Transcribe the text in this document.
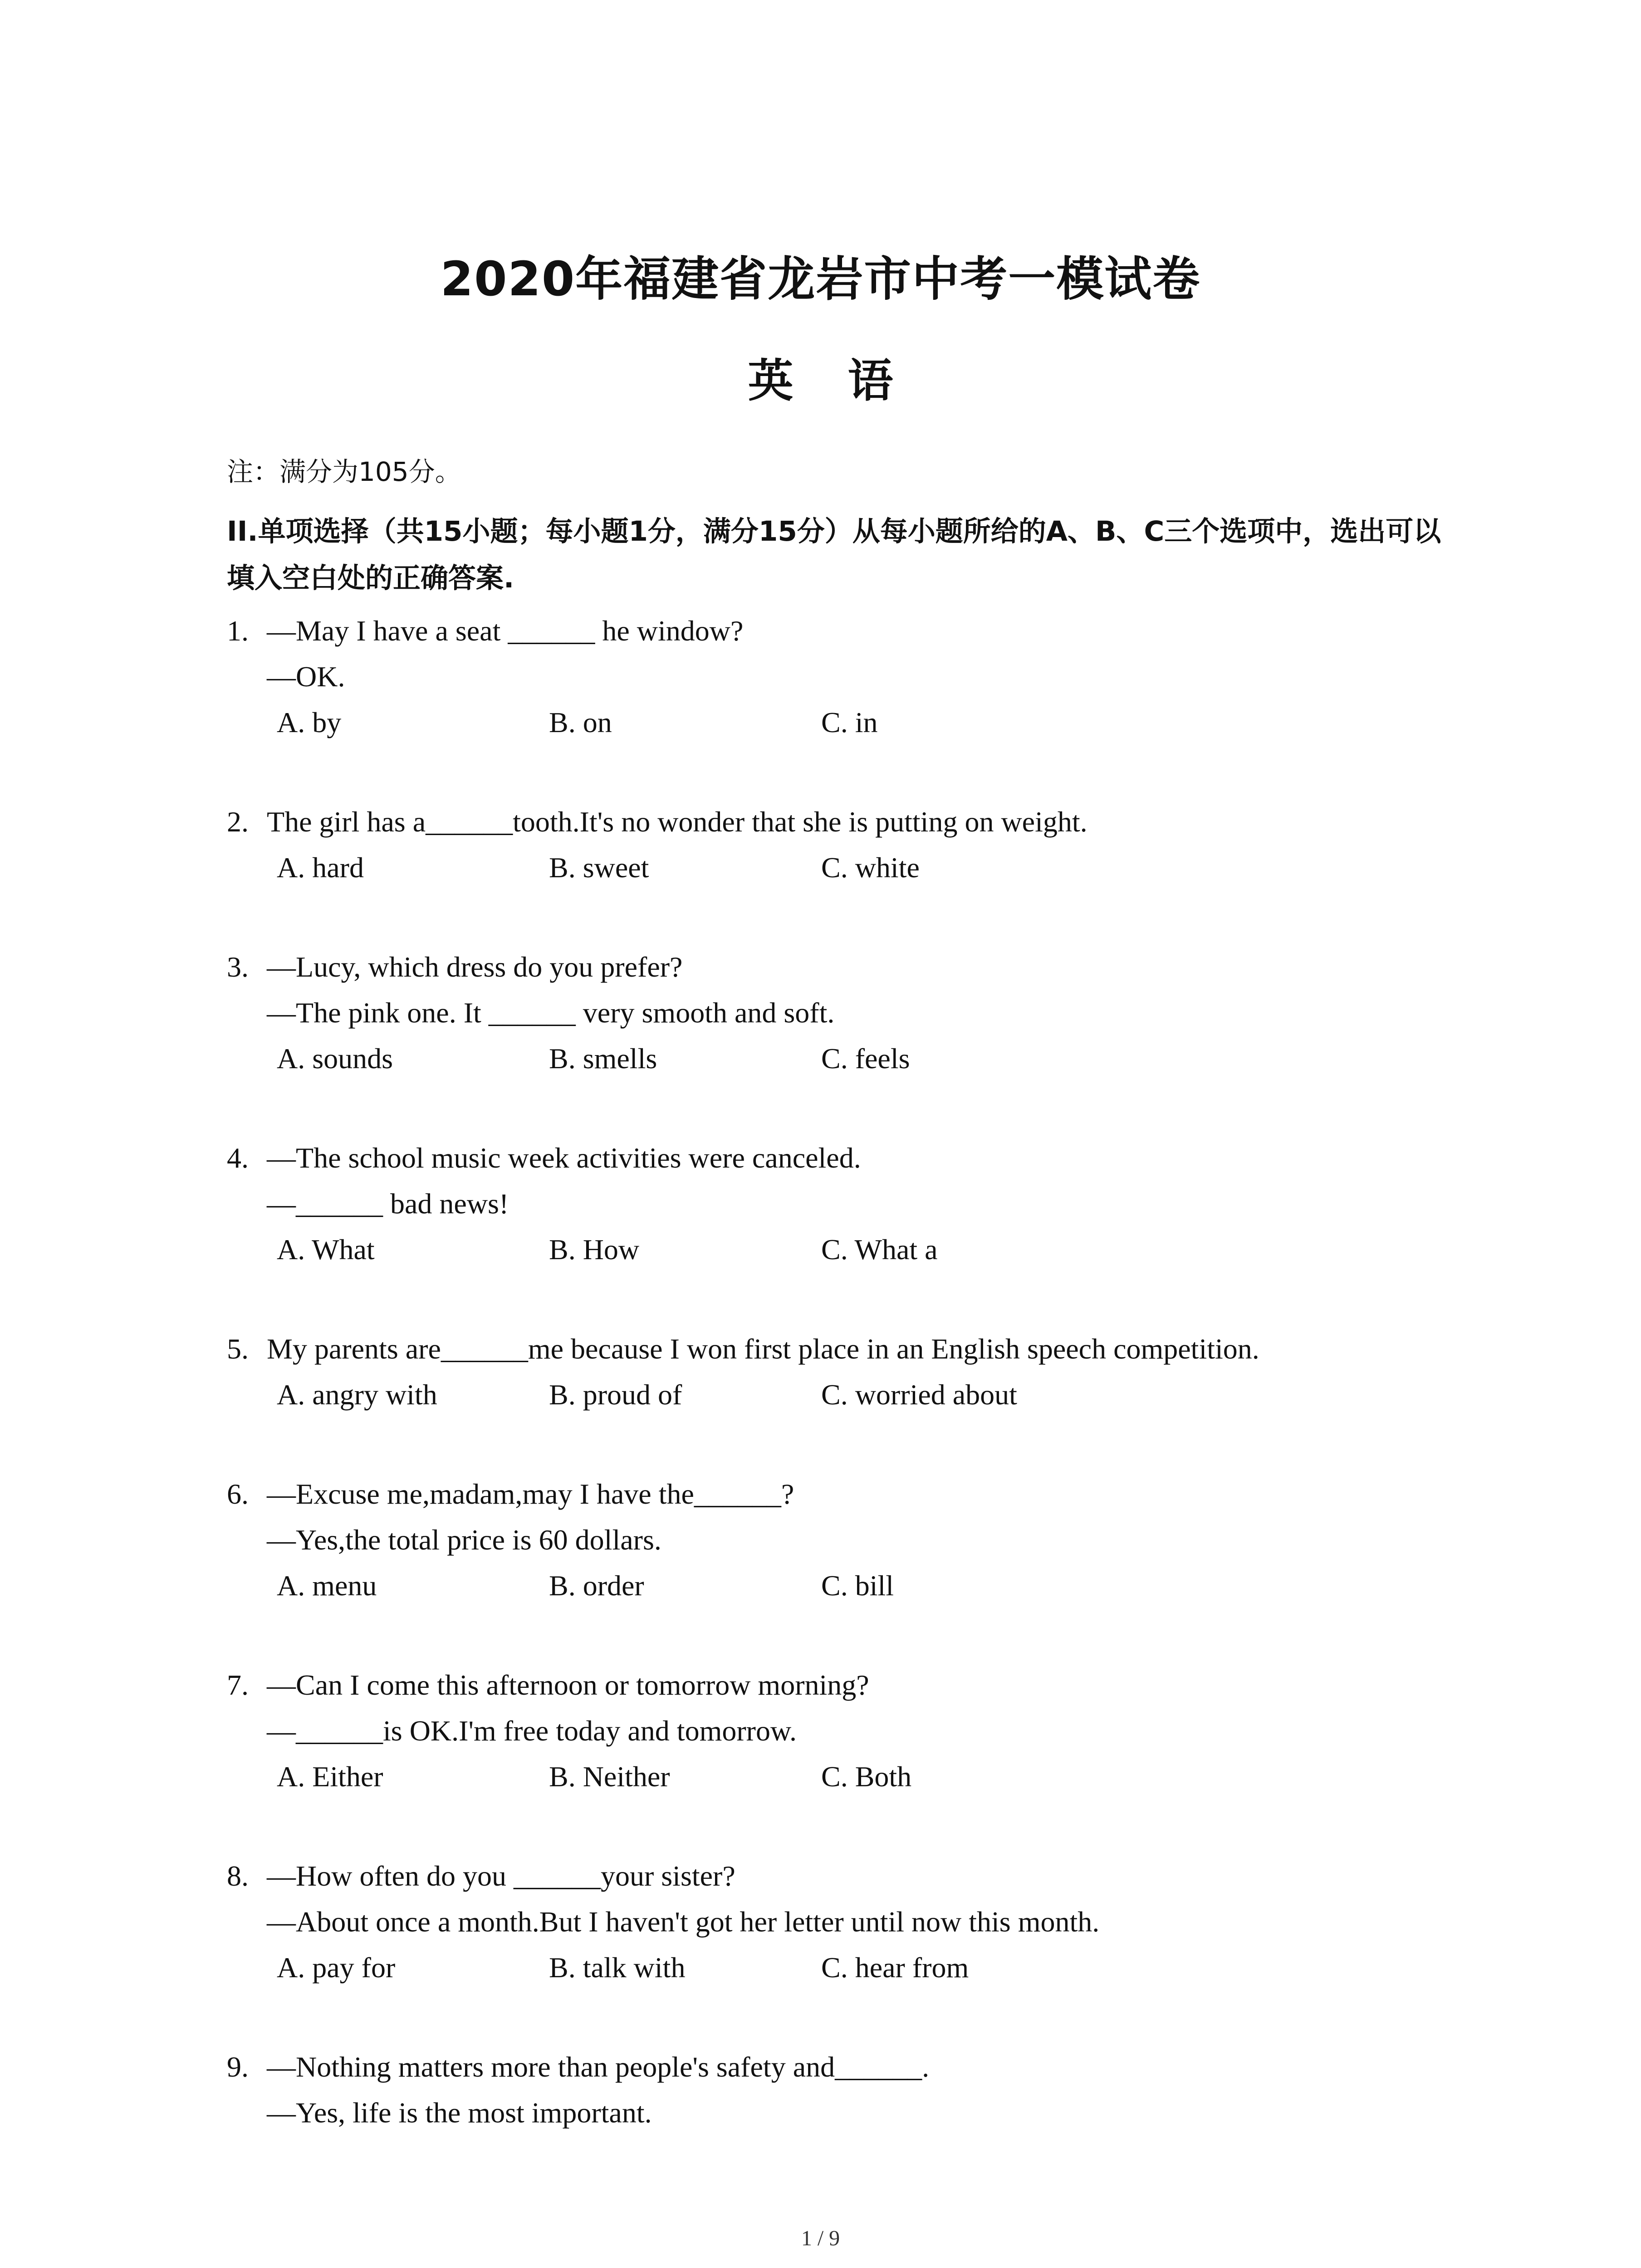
2020年福建省龙岩市中考一模试卷
英语
注：满分为105分。
II.单项选择（共15小题；每小题1分，满分15分）从每小题所给的A、B、C三个选项中，选出可以填入空白处的正确答案.
1. —May I have a seat ______ he window?
—OK.
A. by	B. on	C. in
2. The girl has a______tooth.It's no wonder that she is putting on weight.
A. hard	B. sweet	C. white
3. —Lucy, which dress do you prefer?
—The pink one. It ______ very smooth and soft.
A. sounds	B. smells	C. feels
4. —The school music week activities were canceled.
—______ bad news!
A. What	B. How	C. What a
5. My parents are______me because I won first place in an English speech competition.
A. angry with	B. proud of	C. worried about
6. —Excuse me,madam,may I have the______?
—Yes,the total price is 60 dollars.
A. menu	B. order	C. bill
7. —Can I come this afternoon or tomorrow morning?
—______is OK.I'm free today and tomorrow.
A. Either	B. Neither	C. Both
8. —How often do you ______your sister?
—About once a month.But I haven't got her letter until now this month.
A. pay for	B. talk with	C. hear from
9. —Nothing matters more than people's safety and______.
—Yes, life is the most important.
1 / 9
